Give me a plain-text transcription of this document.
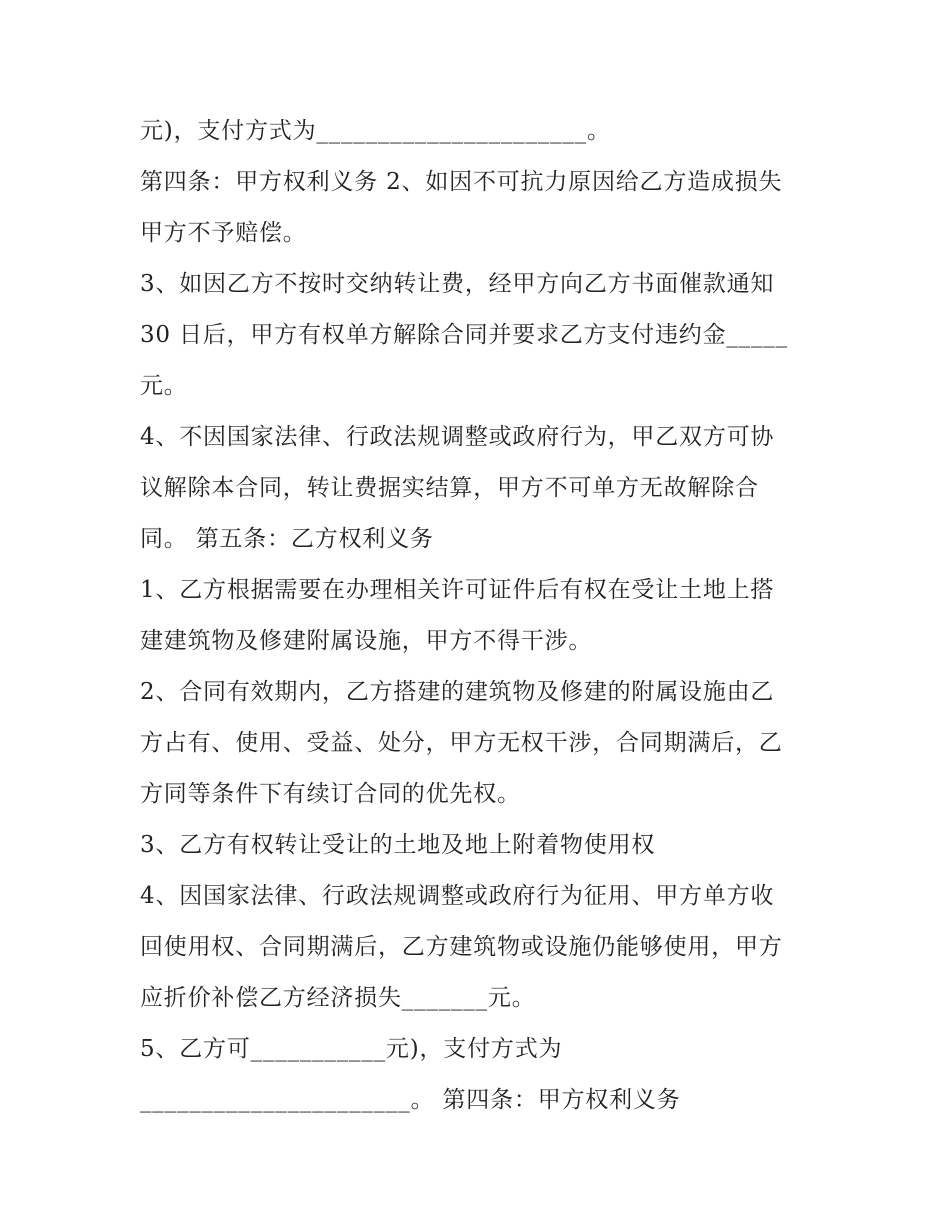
元)，支付方式为______________________。

第四条：甲方权利义务 2、如因不可抗力原因给乙方造成损失

甲方不予赔偿。

3、如因乙方不按时交纳转让费，经甲方向乙方书面催款通知

30 日后，甲方有权单方解除合同并要求乙方支付违约金_____

元。

4、不因国家法律、行政法规调整或政府行为，甲乙双方可协

议解除本合同，转让费据实结算，甲方不可单方无故解除合

同。 第五条：乙方权利义务

1、乙方根据需要在办理相关许可证件后有权在受让土地上搭

建建筑物及修建附属设施，甲方不得干涉。

2、合同有效期内，乙方搭建的建筑物及修建的附属设施由乙

方占有、使用、受益、处分，甲方无权干涉，合同期满后，乙

方同等条件下有续订合同的优先权。

3、乙方有权转让受让的土地及地上附着物使用权

4、因国家法律、行政法规调整或政府行为征用、甲方单方收

回使用权、合同期满后，乙方建筑物或设施仍能够使用，甲方

应折价补偿乙方经济损失_______元。

5、乙方可___________元)，支付方式为

______________________。 第四条：甲方权利义务
